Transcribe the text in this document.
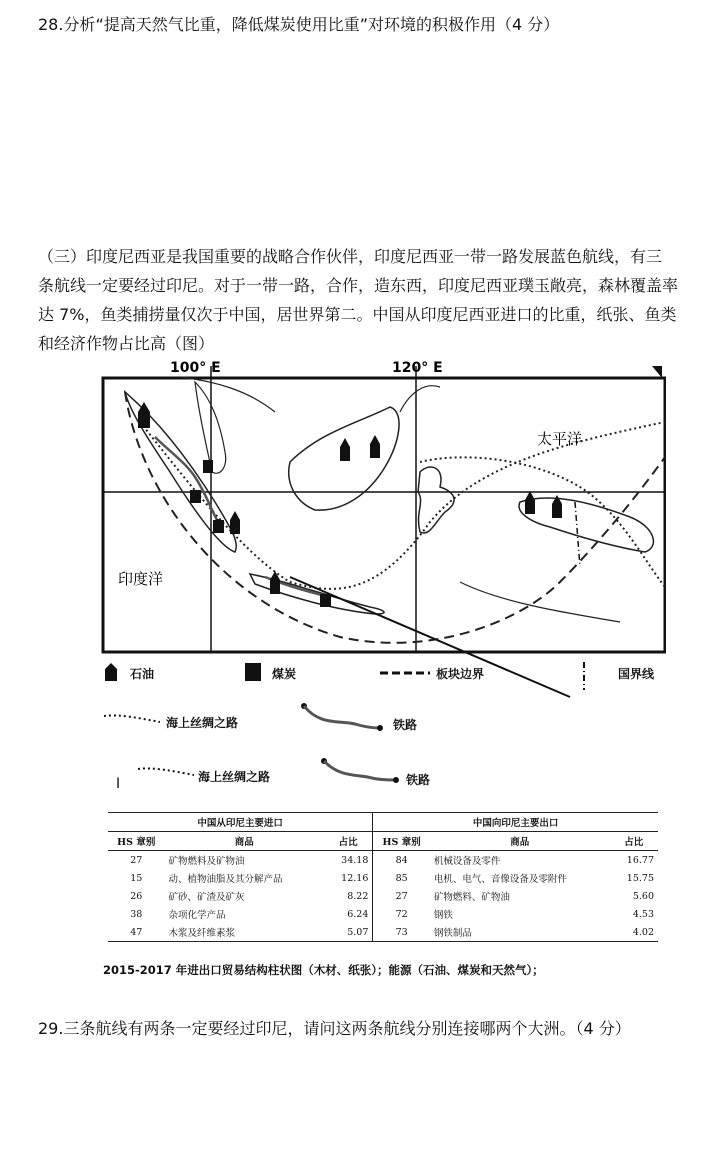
28.分析“提高天然气比重，降低煤炭使用比重”对环境的积极作用（4 分）
（三）印度尼西亚是我国重要的战略合作伙伴，印度尼西亚一带一路发展蓝色航线，有三
条航线一定要经过印尼。对于一带一路，合作，造东西，印度尼西亚璞玉敞亮，森林覆盖率
达 7%，鱼类捕捞量仅次于中国，居世界第二。中国从印度尼西亚进口的比重，纸张、鱼类
和经济作物占比高（图）
100° E	120° E
太平洋
印度洋
石油	煤炭	板块边界	国界线
海上丝绸之路	铁路
I	海上丝绸之路	铁路
中国从印尼主要进口			中国向印尼主要出口		
HS 章别	商品	占比	HS 章别	商品	占比
27	矿物燃料及矿物油	34.18	84	机械设备及零件	16.77
15	动、植物油脂及其分解产品	12.16	85	电机、电气、音像设备及零附件	15.75
26	矿砂、矿渣及矿灰	8.22	27	矿物燃料、矿物油	5.60
38	杂项化学产品	6.24	72	钢铁	4.53
47	木浆及纤维素浆	5.07	73	钢铁制品	4.02
2015-2017 年进出口贸易结构柱状图（木材、纸张）；能源（石油、煤炭和天然气）；
29.三条航线有两条一定要经过印尼，请问这两条航线分别连接哪两个大洲。（4 分）
